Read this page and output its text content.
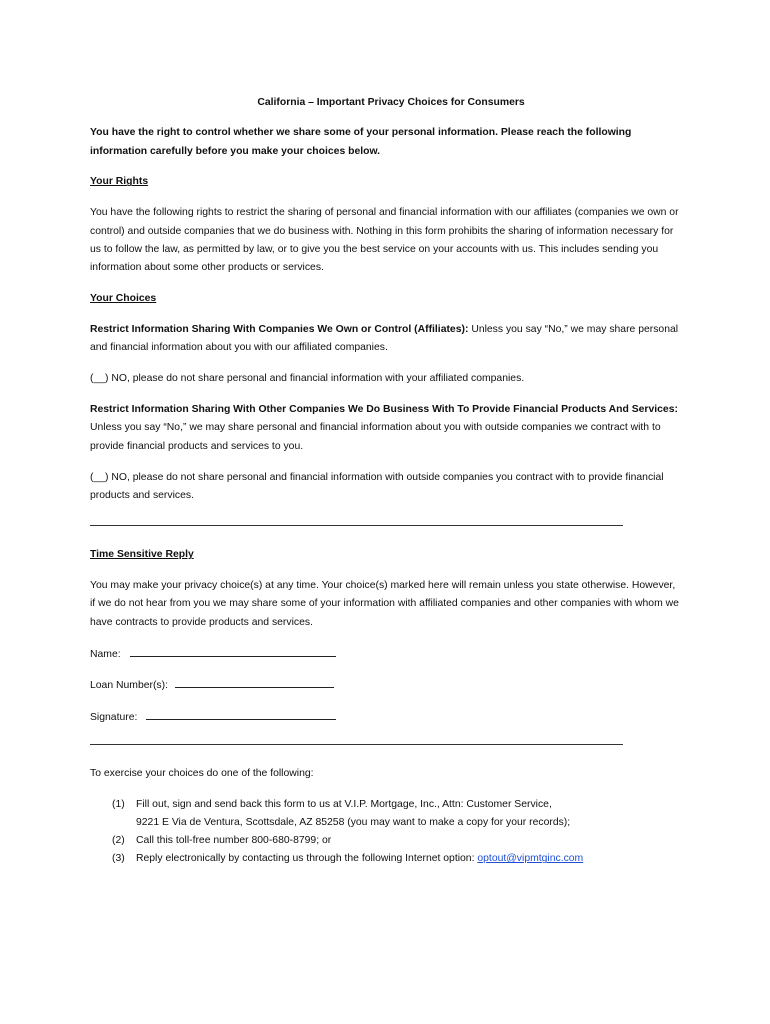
California – Important Privacy Choices for Consumers

You have the right to control whether we share some of your personal information. Please reach the following information carefully before you make your choices below.

Your Rights

You have the following rights to restrict the sharing of personal and financial information with our affiliates (companies we own or control) and outside companies that we do business with. Nothing in this form prohibits the sharing of information necessary for us to follow the law, as permitted by law, or to give you the best service on your accounts with us. This includes sending you information about some other products or services.

Your Choices

Restrict Information Sharing With Companies We Own or Control (Affiliates): Unless you say “No,” we may share personal and financial information about you with our affiliated companies.

(__) NO, please do not share personal and financial information with your affiliated companies.

Restrict Information Sharing With Other Companies We Do Business With To Provide Financial Products And Services: Unless you say “No,” we may share personal and financial information about you with outside companies we contract with to provide financial products and services to you.

(__) NO, please do not share personal and financial information with outside companies you contract with to provide financial products and services.

Time Sensitive Reply

You may make your privacy choice(s) at any time. Your choice(s) marked here will remain unless you state otherwise. However, if we do not hear from you we may share some of your information with affiliated companies and other companies with whom we have contracts to provide products and services.

Name:

Loan Number(s):

Signature:

To exercise your choices do one of the following:

(1)	Fill out, sign and send back this form to us at V.I.P. Mortgage, Inc., Attn: Customer Service,
9221 E Via de Ventura, Scottsdale, AZ 85258 (you may want to make a copy for your records);
(2)	Call this toll-free number 800-680-8799; or
(3)	Reply electronically by contacting us through the following Internet option: optout@vipmtginc.com
